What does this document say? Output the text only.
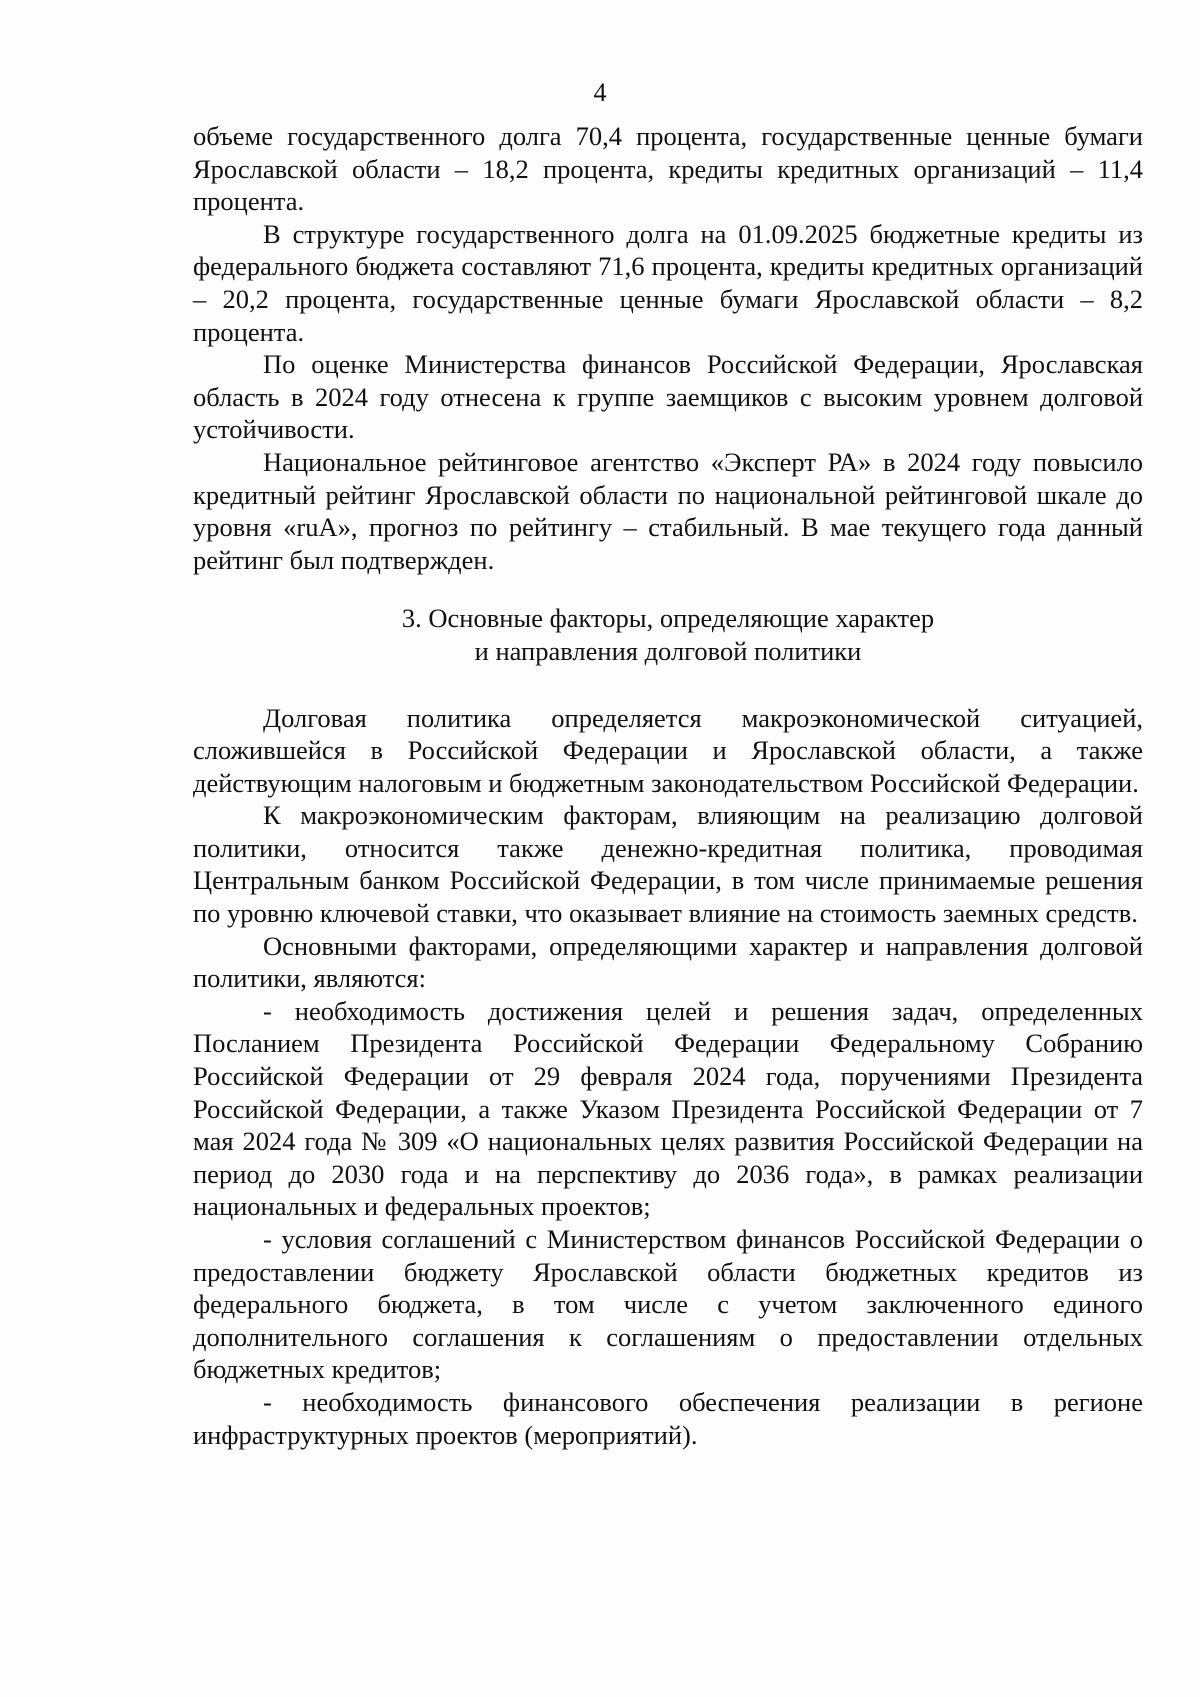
4

объеме государственного долга 70,4 процента, государственные ценные бумаги Ярославской области – 18,2 процента, кредиты кредитных организаций – 11,4 процента.

В структуре государственного долга на 01.09.2025 бюджетные кредиты из федерального бюджета составляют 71,6 процента, кредиты кредитных организаций – 20,2 процента, государственные ценные бумаги Ярославской области – 8,2 процента.

По оценке Министерства финансов Российской Федерации, Ярославская область в 2024 году отнесена к группе заемщиков с высоким уровнем долговой устойчивости.

Национальное рейтинговое агентство «Эксперт РА» в 2024 году повысило кредитный рейтинг Ярославской области по национальной рейтинговой шкале до уровня «ruA», прогноз по рейтингу – стабильный. В мае текущего года данный рейтинг был подтвержден.

3. Основные факторы, определяющие характер
и направления долговой политики

Долговая политика определяется макроэкономической ситуацией, сложившейся в Российской Федерации и Ярославской области, а также действующим налоговым и бюджетным законодательством Российской Федерации.

К макроэкономическим факторам, влияющим на реализацию долговой политики, относится также денежно-кредитная политика, проводимая Центральным банком Российской Федерации, в том числе принимаемые решения по уровню ключевой ставки, что оказывает влияние на стоимость заемных средств.

Основными факторами, определяющими характер и направления долговой политики, являются:

- необходимость достижения целей и решения задач, определенных Посланием Президента Российской Федерации Федеральному Собранию Российской Федерации от 29 февраля 2024 года, поручениями Президента Российской Федерации, а также Указом Президента Российской Федерации от 7 мая 2024 года № 309 «О национальных целях развития Российской Федерации на период до 2030 года и на перспективу до 2036 года», в рамках реализации национальных и федеральных проектов;

- условия соглашений с Министерством финансов Российской Федерации о предоставлении бюджету Ярославской области бюджетных кредитов из федерального бюджета, в том числе с учетом заключенного единого дополнительного соглашения к соглашениям о предоставлении отдельных бюджетных кредитов;

- необходимость финансового обеспечения реализации в регионе инфраструктурных проектов (мероприятий).
